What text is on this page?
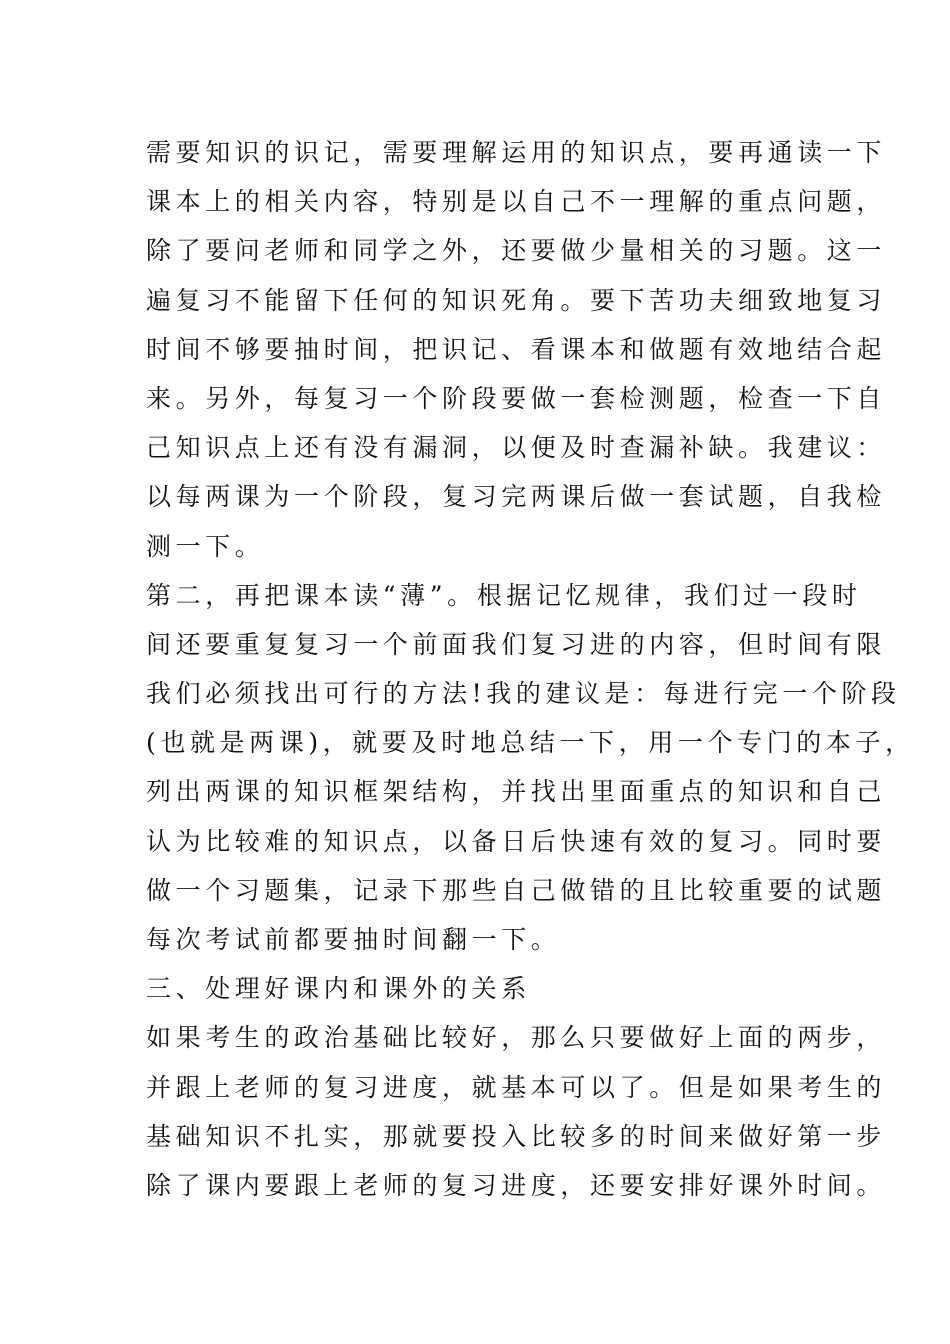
需要知识的识记，需要理解运用的知识点，要再通读一下
课本上的相关内容，特别是以自己不一理解的重点问题，
除了要问老师和同学之外，还要做少量相关的习题。这一
遍复习不能留下任何的知识死角。要下苦功夫细致地复习
时间不够要抽时间，把识记、看课本和做题有效地结合起
来。另外，每复习一个阶段要做一套检测题，检查一下自
己知识点上还有没有漏洞，以便及时查漏补缺。我建议：
以每两课为一个阶段，复习完两课后做一套试题，自我检
测一下。
第二，再把课本读“薄”。根据记忆规律，我们过一段时
间还要重复复习一个前面我们复习进的内容，但时间有限
我们必须找出可行的方法!我的建议是：每进行完一个阶段
(也就是两课)，就要及时地总结一下，用一个专门的本子，
列出两课的知识框架结构，并找出里面重点的知识和自己
认为比较难的知识点，以备日后快速有效的复习。同时要
做一个习题集，记录下那些自己做错的且比较重要的试题
每次考试前都要抽时间翻一下。
三、处理好课内和课外的关系
如果考生的政治基础比较好，那么只要做好上面的两步，
并跟上老师的复习进度，就基本可以了。但是如果考生的
基础知识不扎实，那就要投入比较多的时间来做好第一步
除了课内要跟上老师的复习进度，还要安排好课外时间。
